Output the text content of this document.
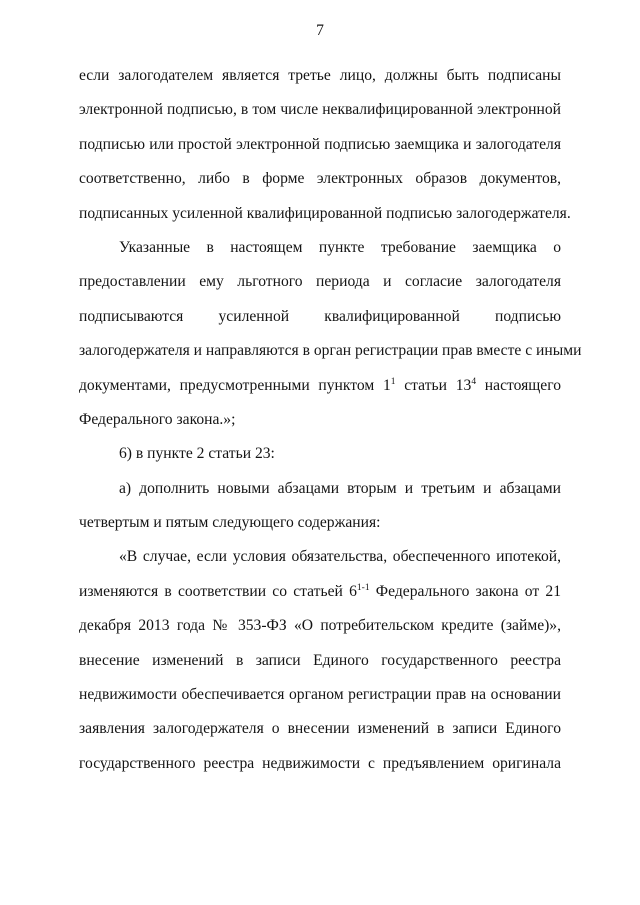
7
если залогодателем является третье лицо, должны быть подписаны
электронной подписью, в том числе неквалифицированной электронной
подписью или простой электронной подписью заемщика и залогодателя
соответственно, либо в форме электронных образов документов,
подписанных усиленной квалифицированной подписью залогодержателя.
Указанные в настоящем пункте требование заемщика о
предоставлении ему льготного периода и согласие залогодателя
подписываются усиленной квалифицированной подписью
залогодержателя и направляются в орган регистрации прав вместе с иными
документами, предусмотренными пунктом $1^1$ статьи $13^4$ настоящего
Федерального закона.»;
6) в пункте 2 статьи 23:
а) дополнить новыми абзацами вторым и третьим и абзацами
четвертым и пятым следующего содержания:
«В случае, если условия обязательства, обеспеченного ипотекой,
изменяются в соответствии со статьей 6$^{1-1}$ Федерального закона от 21
декабря 2013 года № 353-ФЗ «О потребительском кредите (займе)»,
внесение изменений в записи Единого государственного реестра
недвижимости обеспечивается органом регистрации прав на основании
заявления залогодержателя о внесении изменений в записи Единого
государственного реестра недвижимости с предъявлением оригинала
